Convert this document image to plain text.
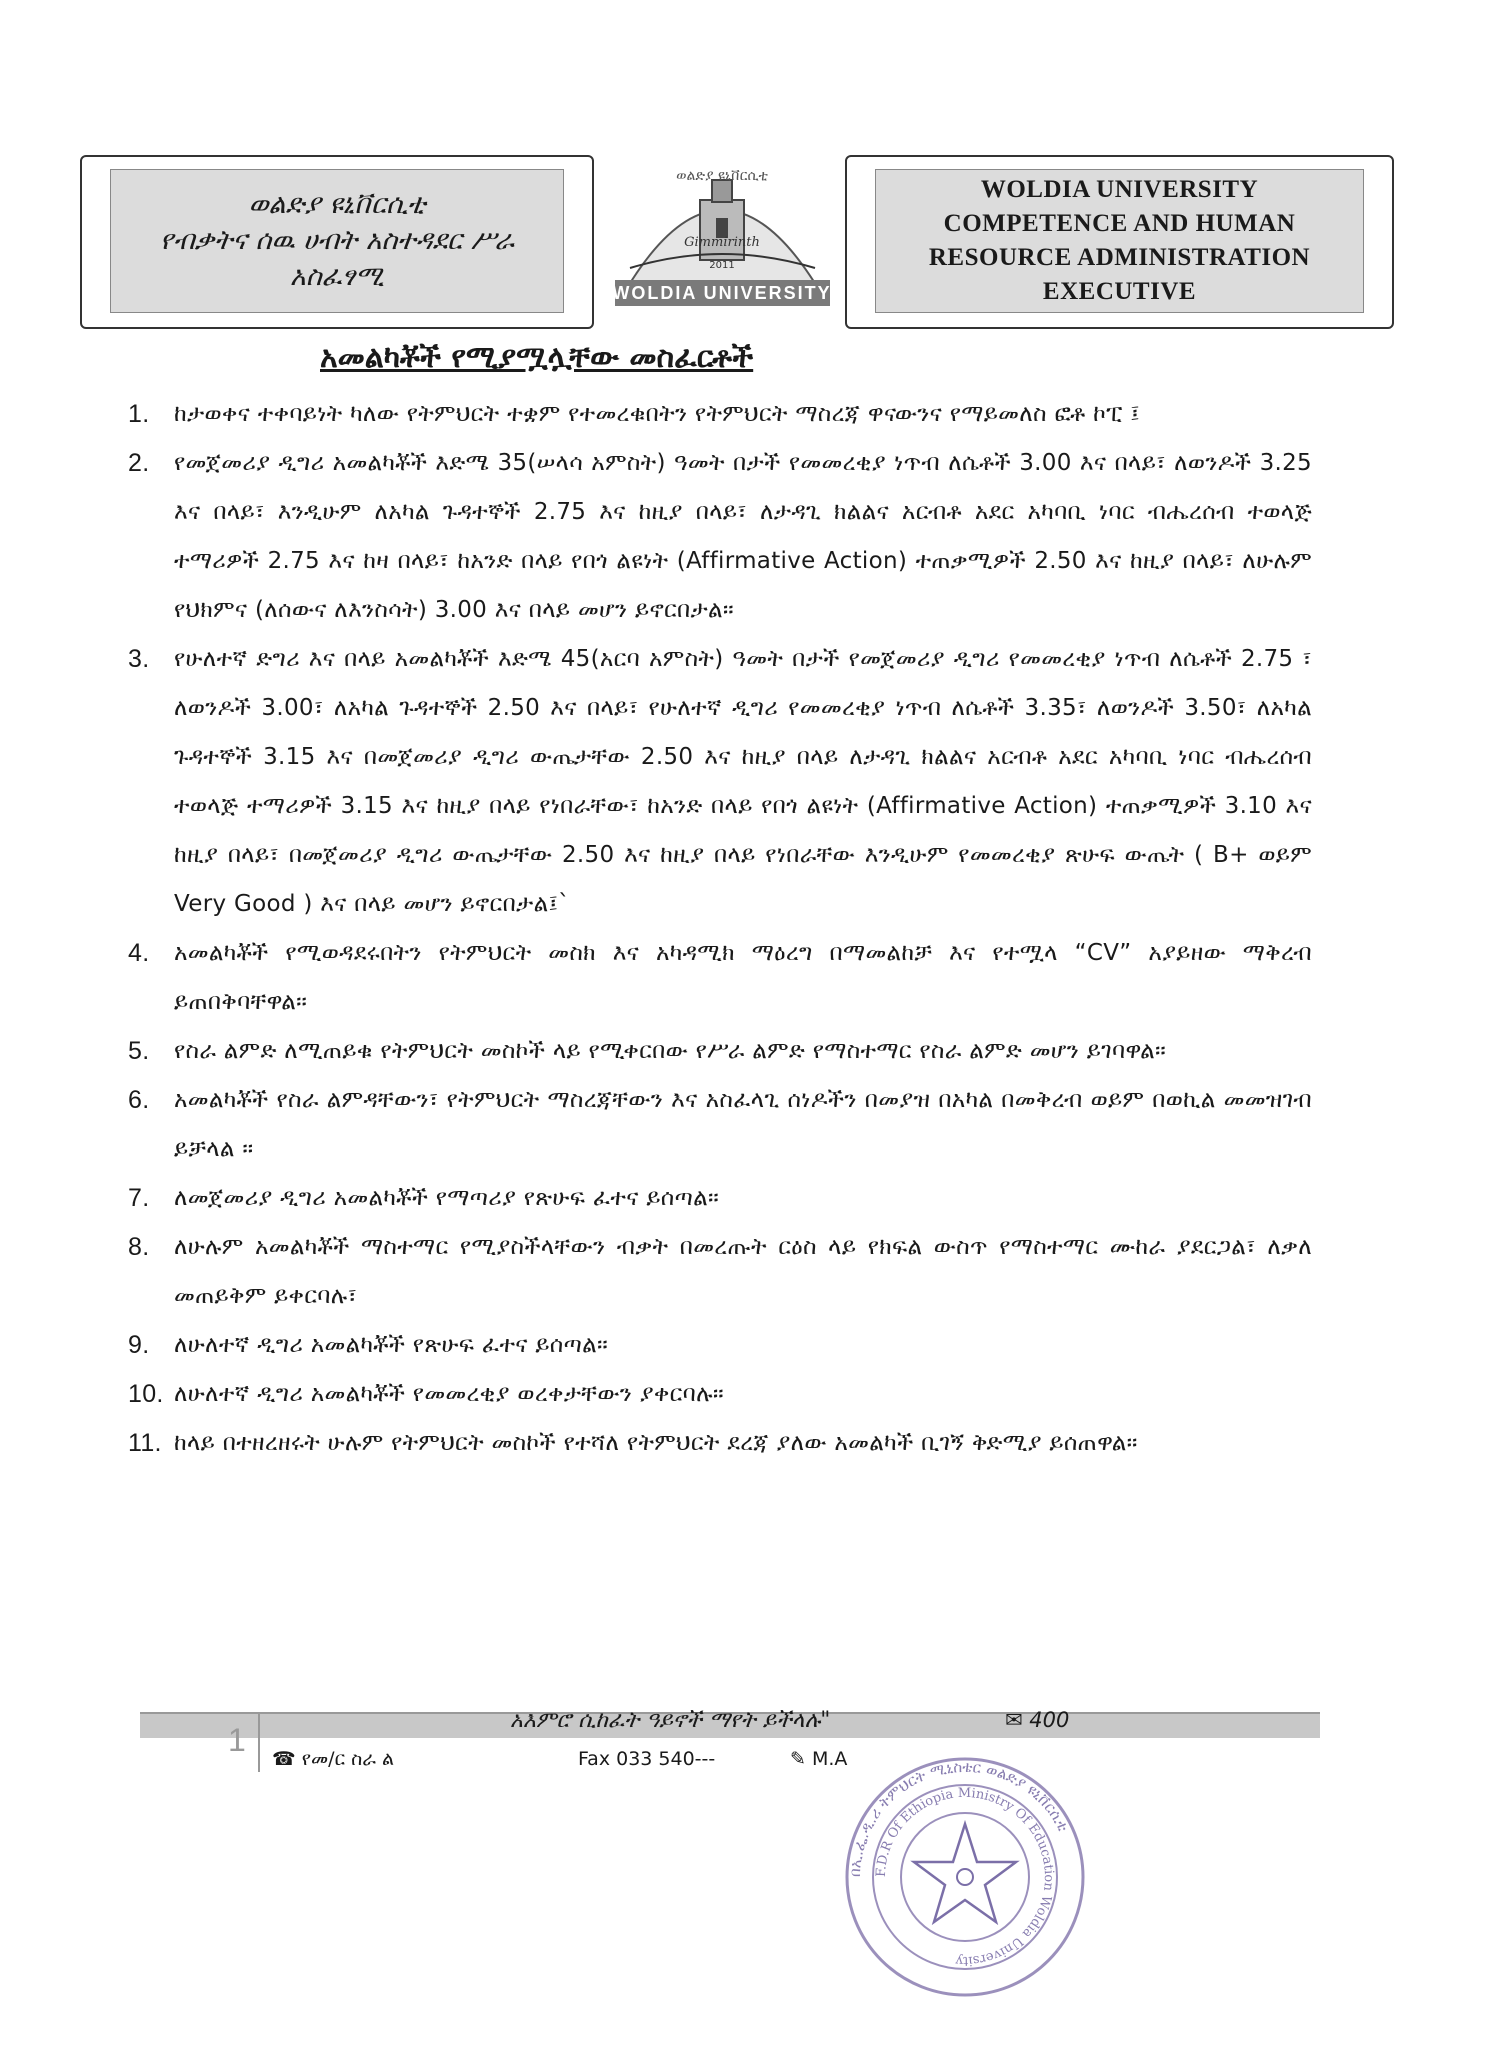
ወልድያ ዩኒቨርሲቲ
የብቃትና ሰዉ ሀብት አስተዳደር ሥራ
አስፈፃሚ
Gimmirinth
2011
ወልድያ ዩኒቨርሲቲ
WOLDIA UNIVERSITY
WOLDIA UNIVERSITY
COMPETENCE AND HUMAN
RESOURCE ADMINISTRATION
EXECUTIVE
አመልካቾች የሚያሟሏቸው መስፈርቶች
1. ከታወቀና ተቀባይነት ካለው የትምህርት ተቋም የተመረቁበትን የትምህርት ማስረጃ ዋናውንና የማይመለስ ፎቶ ኮፒ ፤
2. የመጀመሪያ ዲግሪ አመልካቾች እድሜ 35(ሠላሳ አምስት) ዓመት በታች የመመረቂያ ነጥብ ለሴቶች 3.00 እና በላይ፣ ለወንዶች 3.25 እና በላይ፣ እንዲሁም ለአካል ጉዳተኞች 2.75 እና ከዚያ በላይ፣ ለታዳጊ ክልልና አርብቶ አደር አካባቢ ነባር ብሔረሰብ ተወላጅ ተማሪዎች 2.75 እና ከዛ በላይ፣ ከአንድ በላይ የበጎ ልዩነት (Affirmative Action) ተጠቃሚዎች 2.50 እና ከዚያ በላይ፣ ለሁሉም የህክምና (ለሰውና ለእንስሳት) 3.00 እና በላይ መሆን ይኖርበታል።
3. የሁለተኛ ድግሪ እና በላይ አመልካቾች እድሜ 45(አርባ አምስት) ዓመት በታች የመጀመሪያ ዲግሪ የመመረቂያ ነጥብ ለሴቶች 2.75 ፣ ለወንዶች 3.00፣ ለአካል ጉዳተኞች 2.50 እና በላይ፣ የሁለተኛ ዲግሪ የመመረቂያ ነጥብ ለሴቶች 3.35፣ ለወንዶች 3.50፣ ለአካል ጉዳተኞች 3.15 እና በመጀመሪያ ዲግሪ ውጤታቸው 2.50 እና ከዚያ በላይ ለታዳጊ ክልልና አርብቶ አደር አካባቢ ነባር ብሔረሰብ ተወላጅ ተማሪዎች 3.15 እና ከዚያ በላይ የነበራቸው፣ ከአንድ በላይ የበጎ ልዩነት (Affirmative Action) ተጠቃሚዎች 3.10 እና ከዚያ በላይ፣ በመጀመሪያ ዲግሪ ውጤታቸው 2.50 እና ከዚያ በላይ የነበራቸው እንዲሁም የመመረቂያ ጽሁፍ ውጤት ( B+ ወይም Very Good ) እና በላይ መሆን ይኖርበታል፤`
4. አመልካቾች የሚወዳደሩበትን የትምህርት መስክ እና አካዳሚክ ማዕረግ በማመልከቻ እና የተሟላ “CV” አያይዘው ማቅረብ ይጠበቅባቸዋል።
5. የስራ ልምድ ለሚጠይቁ የትምህርት መስኮች ላይ የሚቀርበው የሥራ ልምድ የማስተማር የስራ ልምድ መሆን ይገባዋል።
6. አመልካቾች የስራ ልምዳቸውን፣ የትምህርት ማስረጃቸውን እና አስፈላጊ ሰነዶችን በመያዝ በአካል በመቅረብ ወይም በወኪል መመዝገብ ይቻላል ።
7. ለመጀመሪያ ዲግሪ አመልካቾች የማጣሪያ የጽሁፍ ፈተና ይሰጣል።
8. ለሁሉም አመልካቾች ማስተማር የሚያስችላቸውን ብቃት በመረጡት ርዕስ ላይ የክፍል ውስጥ የማስተማር ሙከራ ያደርጋል፣ ለቃለ መጠይቅም ይቀርባሉ፣
9. ለሁለተኛ ዲግሪ አመልካቾች የጽሁፍ ፈተና ይሰጣል።
10. ለሁለተኛ ዲግሪ አመልካቾች የመመረቂያ ወረቀታቸውን ያቀርባሉ።
11. ከላይ በተዘረዘሩት ሁሉም የትምህርት መስኮች የተሻለ የትምህርት ደረጃ ያለው አመልካች ቢገኝ ቅድሚያ ይሰጠዋል።
1
አእምሮ ሲከፈት ዓይኖች ማየት ይችላሉ"	✉ 400
☎ የመ/ር ስራ ል	Fax 033 540---	✎ M.A
በኢ.ፌ.ዲ.ሪ ትምህርት ሚኒስቴር ወልድያ ዩኒቨርሲቲ
F.D.R Of Ethiopia Ministry Of Education Woldia University
